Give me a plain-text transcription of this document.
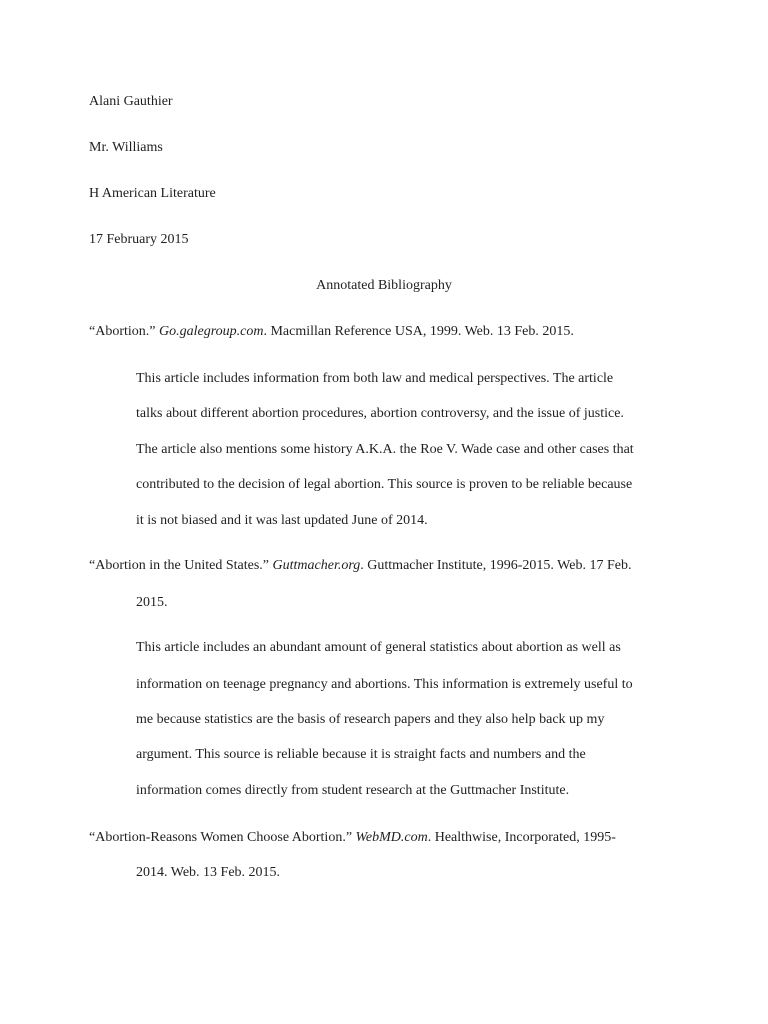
Alani Gauthier
Mr. Williams
H American Literature
17 February 2015
Annotated Bibliography
“Abortion.” Go.galegroup.com. Macmillan Reference USA, 1999. Web. 13 Feb. 2015.
This article includes information from both law and medical perspectives. The article
talks about different abortion procedures, abortion controversy, and the issue of justice.
The article also mentions some history A.K.A. the Roe V. Wade case and other cases that
contributed to the decision of legal abortion. This source is proven to be reliable because
it is not biased and it was last updated June of 2014.
“Abortion in the United States.” Guttmacher.org. Guttmacher Institute, 1996-2015. Web. 17 Feb.
2015.
This article includes an abundant amount of general statistics about abortion as well as
information on teenage pregnancy and abortions. This information is extremely useful to
me because statistics are the basis of research papers and they also help back up my
argument. This source is reliable because it is straight facts and numbers and the
information comes directly from student research at the Guttmacher Institute.
“Abortion-Reasons Women Choose Abortion.” WebMD.com. Healthwise, Incorporated, 1995-
2014. Web. 13 Feb. 2015.
